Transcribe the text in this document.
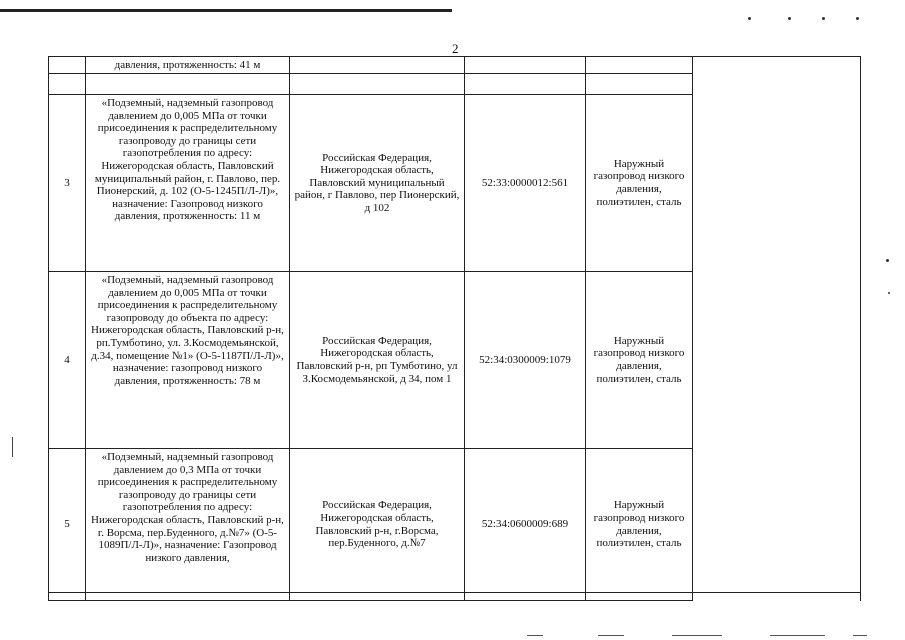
2
	давления, протяженность: 41 м				

3	«Подземный, надземный газопровод давлением до 0,005 МПа от точки присоединения к распределительному газопроводу до границы сети газопотребления по адресу: Нижегородская область, Павловский муниципальный район, г. Павлово, пер. Пионерский, д. 102 (О-5-1245П/Л-Л)», назначение: Газопровод низкого давления, протяженность: 11 м	Российская Федерация, Нижегородская область, Павловский муниципальный район, г Павлово, пер Пионерский, д 102	52:33:0000012:561	Наружный газопровод низкого давления, полиэтилен, сталь	
4	«Подземный, надземный газопровод давлением до 0,005 МПа от точки присоединения к распределительному газопроводу до объекта по адресу: Нижегородская область, Павловский р-н, рп.Тумботино, ул. З.Космодемьянской, д.34, помещение №1» (О-5-1187П/Л-Л)», назначение: газопровод низкого давления, протяженность: 78 м	Российская Федерация, Нижегородская область, Павловский р-н, рп Тумботино, ул З.Космодемьянской, д 34, пом 1	52:34:0300009:1079	Наружный газопровод низкого давления, полиэтилен, сталь	
5	«Подземный, надземный газопровод давлением до 0,3 МПа от точки присоединения к распределительному газопроводу до границы сети газопотребления по адресу: Нижегородская область, Павловский р-н, г. Ворсма, пер.Буденного, д.№7» (О-5-1089П/Л-Л)», назначение: Газопровод низкого давления,	Российская Федерация, Нижегородская область, Павловский р-н, г.Ворсма, пер.Буденного, д.№7	52:34:0600009:689	Наружный газопровод низкого давления, полиэтилен, сталь	
